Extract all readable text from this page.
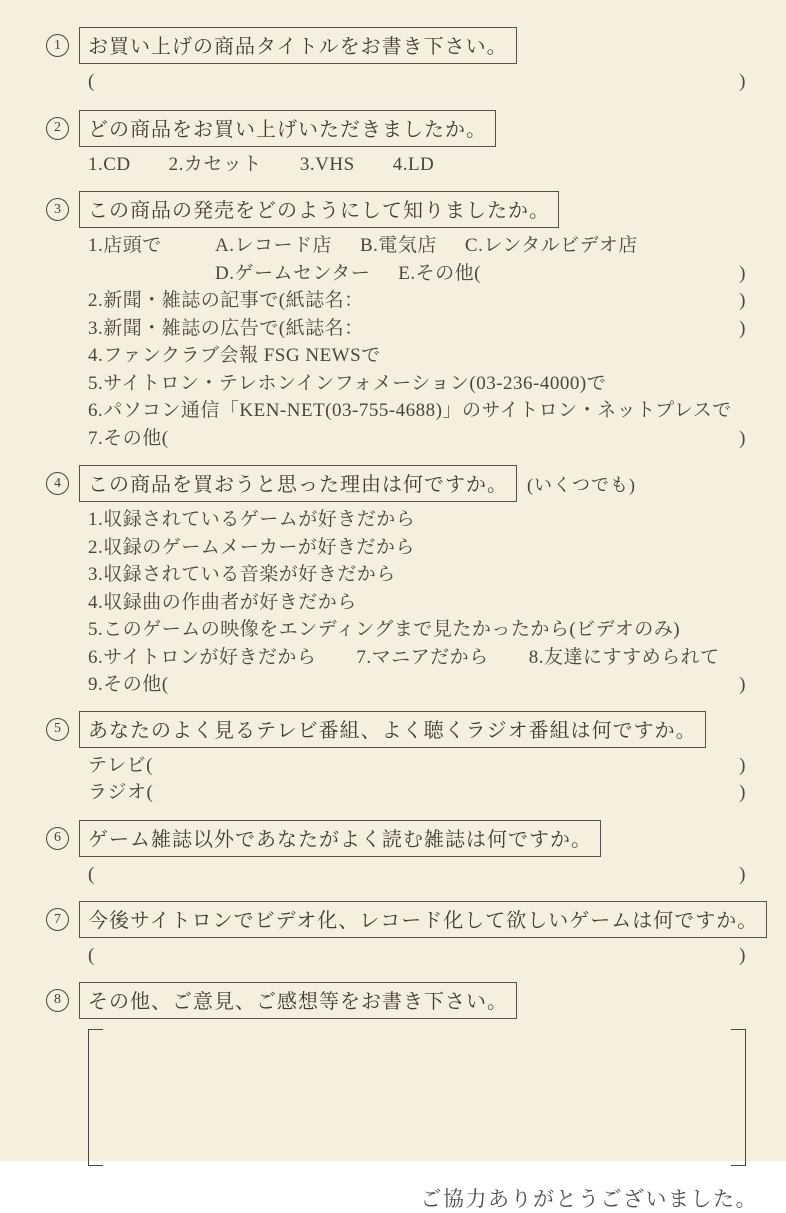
1	お買い上げの商品タイトルをお書き下さい。
(	)
2	どの商品をお買い上げいただきましたか。
1.CD 2.カセット 3.VHS 4.LD
3	この商品の発売をどのようにして知りましたか。
1.店頭で	A.レコード店 B.電気店 C.レンタルビデオ店
D.ゲームセンター E.その他(	)
2.新聞・雑誌の記事で(紙誌名：	)
3.新聞・雑誌の広告で(紙誌名：	)
4.ファンクラブ会報 FSG NEWSで
5.サイトロン・テレホンインフォメーション(03-236-4000)で
6.パソコン通信「KEN-NET(03-755-4688)」のサイトロン・ネットプレスで
7.その他(	)
4	この商品を買おうと思った理由は何ですか。	(いくつでも)
1.収録されているゲームが好きだから
2.収録のゲームメーカーが好きだから
3.収録されている音楽が好きだから
4.収録曲の作曲者が好きだから
5.このゲームの映像をエンディングまで見たかったから(ビデオのみ)
6.サイトロンが好きだから 7.マニアだから 8.友達にすすめられて
9.その他(	)
5	あなたのよく見るテレビ番組、よく聴くラジオ番組は何ですか。
テレビ(	)
ラジオ(	)
6	ゲーム雑誌以外であなたがよく読む雑誌は何ですか。
(	)
7	今後サイトロンでビデオ化、レコード化して欲しいゲームは何ですか。
(	)
8	その他、ご意見、ご感想等をお書き下さい。
ご協力ありがとうございました。
